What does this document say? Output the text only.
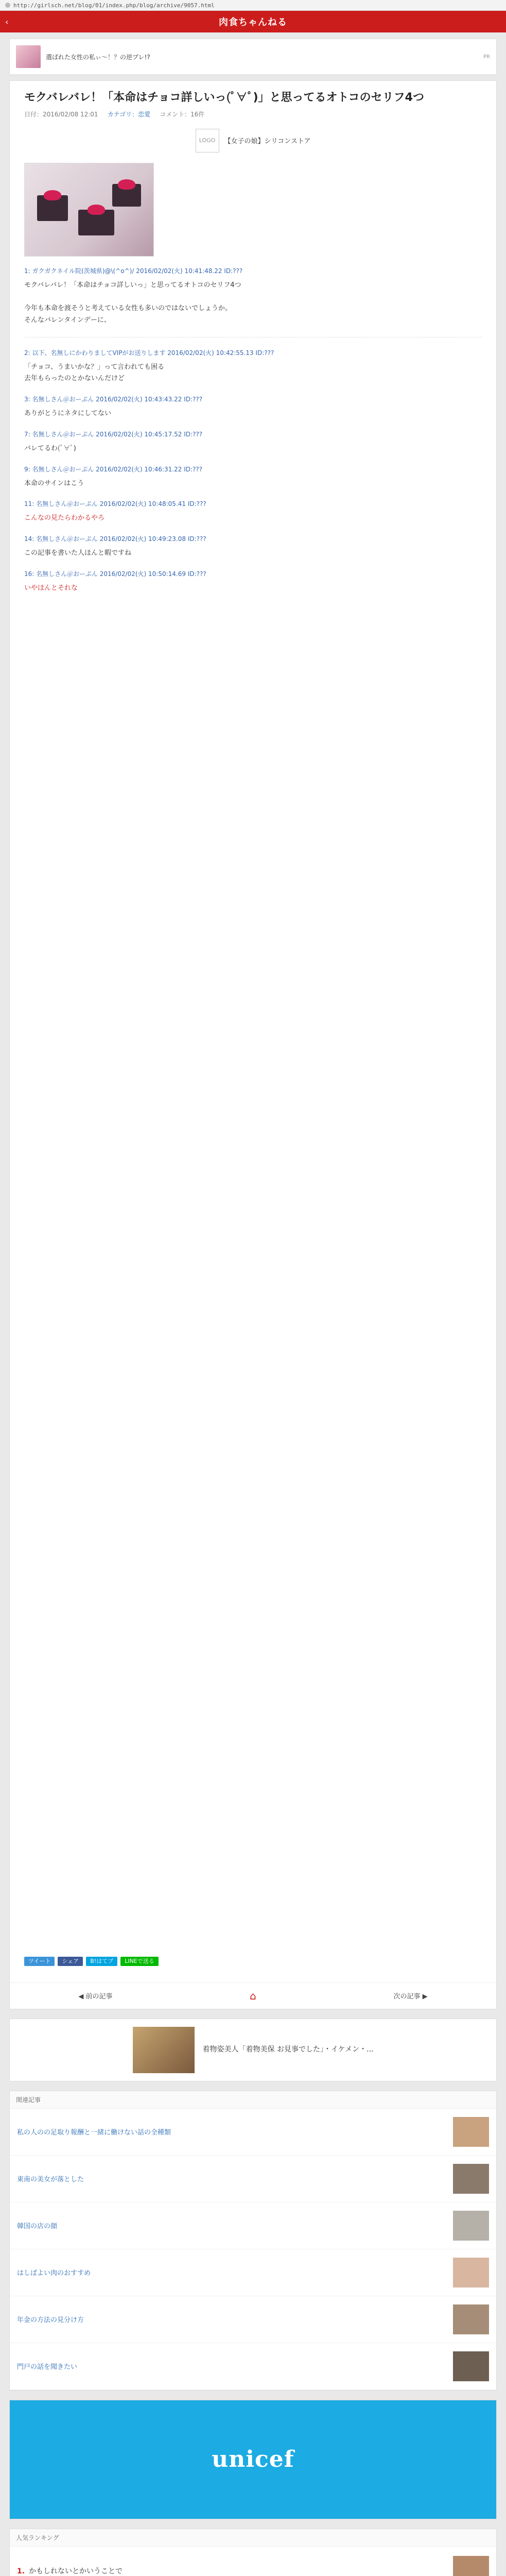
http://girlsch.net/blog/01/index.php/blog/archive/9057.html
‹	肉食ちゃんねる
選ばれた女性の私ぃ〜！？の逆プレ!?	PR
モクバレバレ！「本命はチョコ詳しいっ(ﾟ∀ﾟ)」と思ってるオトコのセリフ4つ
日付：2016/02/08 12:01 カテゴリ：恋愛 コメント：16件
LOGO	【女子の娘】シリコンストア
1: ガクガクネイル院(茨城県)@\(^o^)/ 2016/02/02(火) 10:41:48.22 ID:???
モクバレバレ！「本命はチョコ詳しいっ」と思ってるオトコのセリフ4つ

今年も本命を渡そうと考えている女性も多いのではないでしょうか。
そんなバレンタインデーに、
2: 以下、名無しにかわりましてVIPがお送りします 2016/02/02(火) 10:42:55.13 ID:???
「チョコ、うまいかな？」って言われても困る
去年もらったのとかないんだけど
3: 名無しさん＠おーぷん 2016/02/02(火) 10:43:43.22 ID:???
ありがとうにネタにしてない
7: 名無しさん＠おーぷん 2016/02/02(火) 10:45:17.52 ID:???
バレてるわ(ﾟ∀ﾟ)
9: 名無しさん＠おーぷん 2016/02/02(火) 10:46:31.22 ID:???
本命のサインはこう
11: 名無しさん＠おーぷん 2016/02/02(火) 10:48:05.41 ID:???
こんなの見たらわかるやろ
14: 名無しさん＠おーぷん 2016/02/02(火) 10:49:23.08 ID:???
この記事を書いた人ほんと暇ですね
16: 名無しさん＠おーぷん 2016/02/02(火) 10:50:14.69 ID:???
いやほんとそれな
ツイート	シェア	B!はてブ	LINEで送る
◀ 前の記事	⌂	次の記事 ▶
着物姿美人「着物美保 お見事でした」・イケメン・...
関連記事
私の人のの足取り報酬と一緒に働けない話の全種類
東南の美女が落とした
韓国の店の顔
はしばよい肉のおすすめ
年金の方法の見分け方
門戸の話を聞きたい
unicef
人気ランキング
1. かもしれないとかいうことで
